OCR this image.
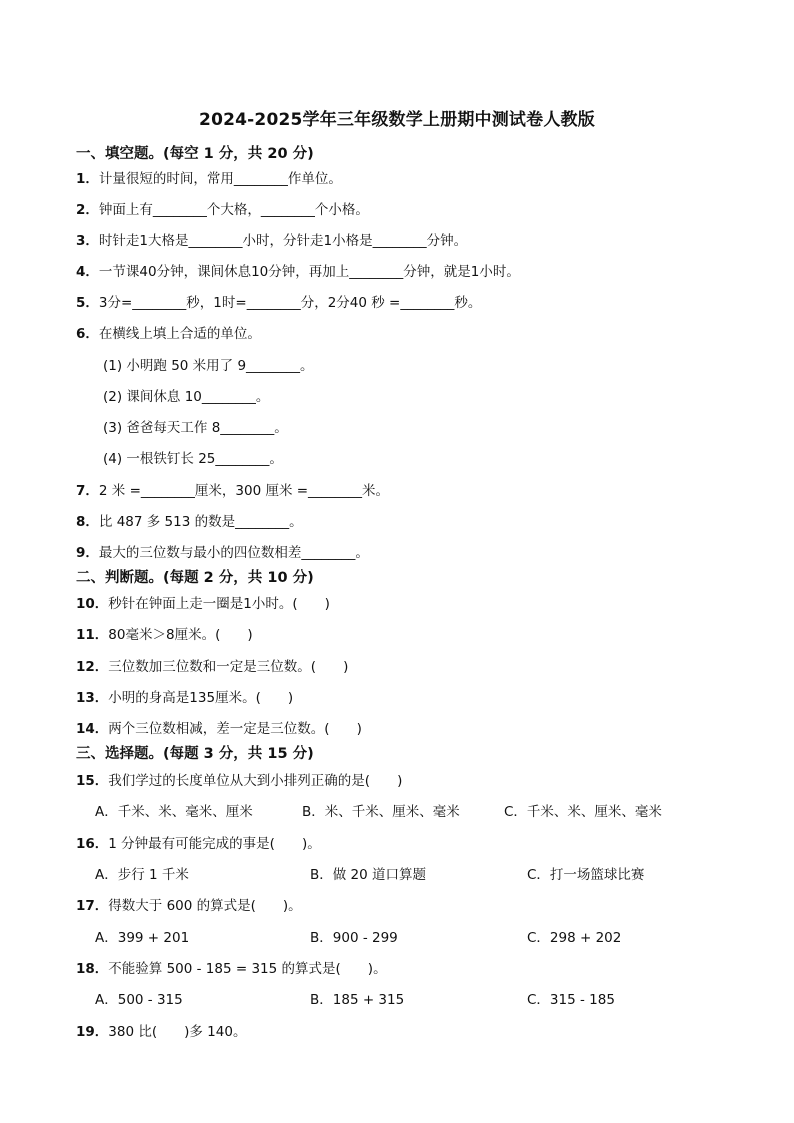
2024-2025学年三年级数学上册期中测试卷人教版
一、填空题。(每空 1 分，共 20 分)
1．计量很短的时间，常用________作单位。
2．钟面上有________个大格，________个小格。
3．时针走1大格是________小时，分针走1小格是________分钟。
4．一节课40分钟，课间休息10分钟，再加上________分钟，就是1小时。
5．3分=________秒，1时=________分，2分40 秒 =________秒。
6．在横线上填上合适的单位。
(1) 小明跑 50 米用了 9________。
(2) 课间休息 10________。
(3) 爸爸每天工作 8________。
(4) 一根铁钉长 25________。
7．2 米 =________厘米，300 厘米 =________米。
8．比 487 多 513 的数是________。
9．最大的三位数与最小的四位数相差________。
二、判断题。(每题 2 分，共 10 分)
10．秒针在钟面上走一圈是1小时。(　　)
11．80毫米＞8厘米。(　　)
12．三位数加三位数和一定是三位数。(　　)
13．小明的身高是135厘米。(　　)
14．两个三位数相减，差一定是三位数。(　　)
三、选择题。(每题 3 分，共 15 分)
15．我们学过的长度单位从大到小排列正确的是(　　)
A．千米、米、毫米、厘米	B．米、千米、厘米、毫米	C．千米、米、厘米、毫米
16．1 分钟最有可能完成的事是(　　)。
A．步行 1 千米	B．做 20 道口算题	C．打一场篮球比赛
17．得数大于 600 的算式是(　　)。
A．399 + 201	B．900 - 299	C．298 + 202
18．不能验算 500 - 185 = 315 的算式是(　　)。
A．500 - 315	B．185 + 315	C．315 - 185
19．380 比(　　)多 140。
